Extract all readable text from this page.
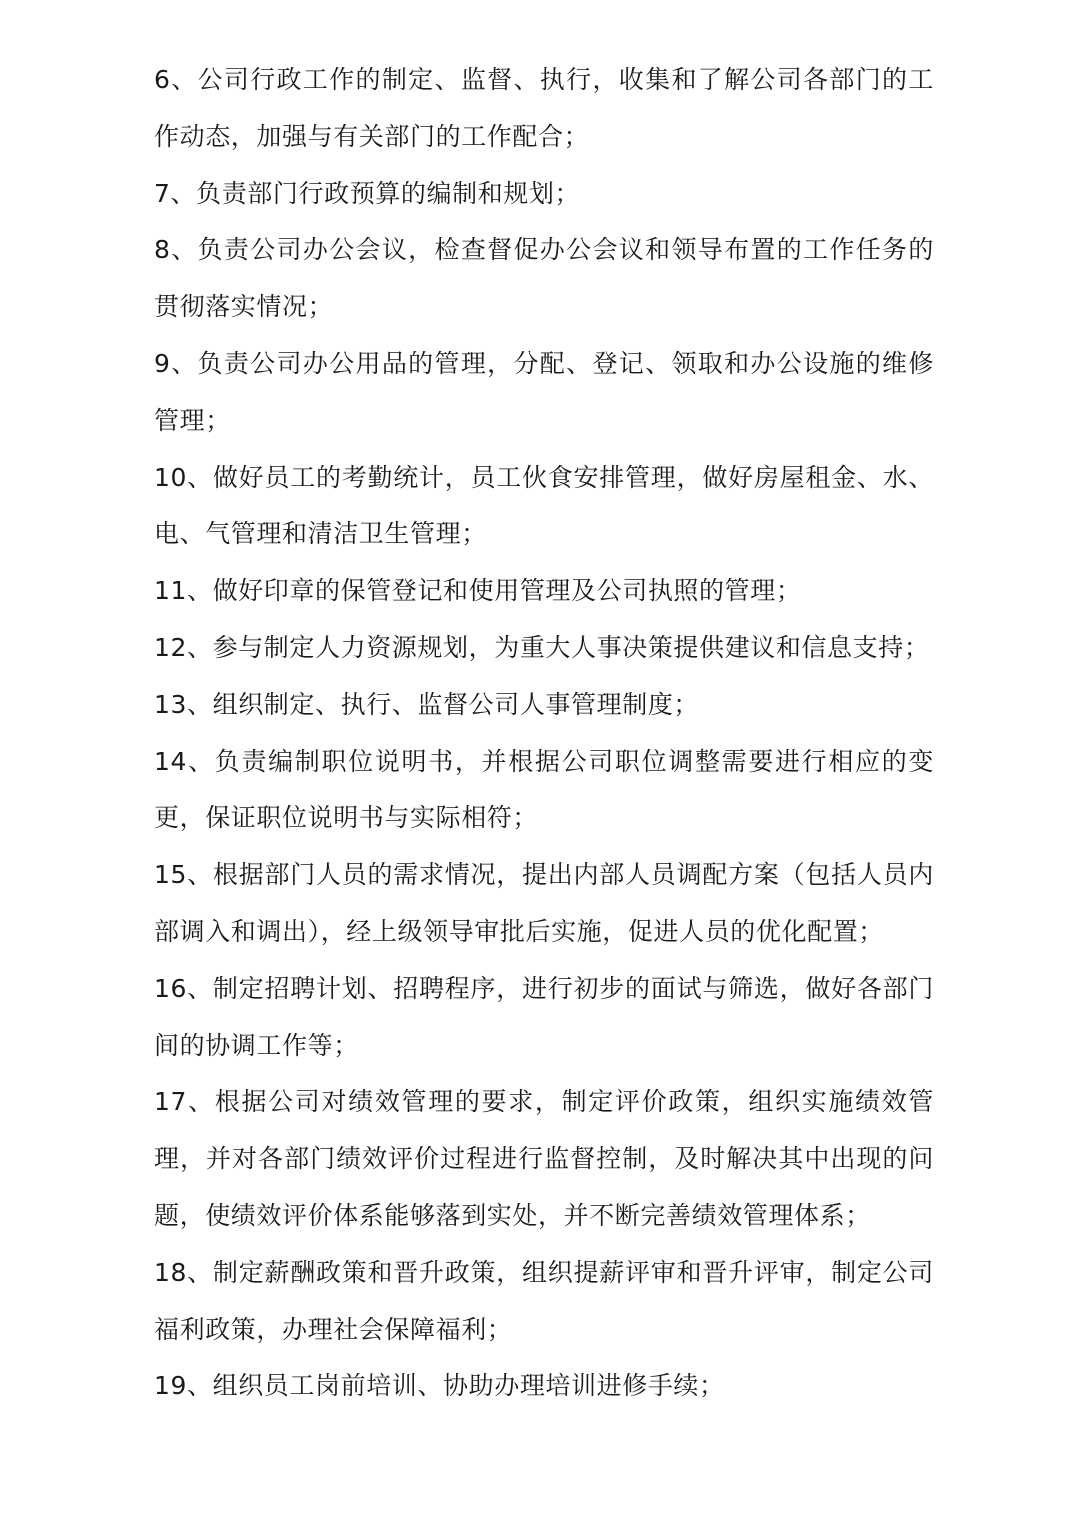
6、公司行政工作的制定、监督、执行，收集和了解公司各部门的工作动态，加强与有关部门的工作配合；
7、负责部门行政预算的编制和规划；
8、负责公司办公会议，检查督促办公会议和领导布置的工作任务的贯彻落实情况；
9、负责公司办公用品的管理，分配、登记、领取和办公设施的维修管理；
10、做好员工的考勤统计，员工伙食安排管理，做好房屋租金、水、电、气管理和清洁卫生管理；
11、做好印章的保管登记和使用管理及公司执照的管理；
12、参与制定人力资源规划，为重大人事决策提供建议和信息支持；
13、组织制定、执行、监督公司人事管理制度；
14、负责编制职位说明书，并根据公司职位调整需要进行相应的变更，保证职位说明书与实际相符；
15、根据部门人员的需求情况，提出内部人员调配方案（包括人员内部调入和调出），经上级领导审批后实施，促进人员的优化配置；
16、制定招聘计划、招聘程序，进行初步的面试与筛选，做好各部门间的协调工作等；
17、根据公司对绩效管理的要求，制定评价政策，组织实施绩效管理，并对各部门绩效评价过程进行监督控制，及时解决其中出现的问题，使绩效评价体系能够落到实处，并不断完善绩效管理体系；
18、制定薪酬政策和晋升政策，组织提薪评审和晋升评审，制定公司福利政策，办理社会保障福利；
19、组织员工岗前培训、协助办理培训进修手续；
